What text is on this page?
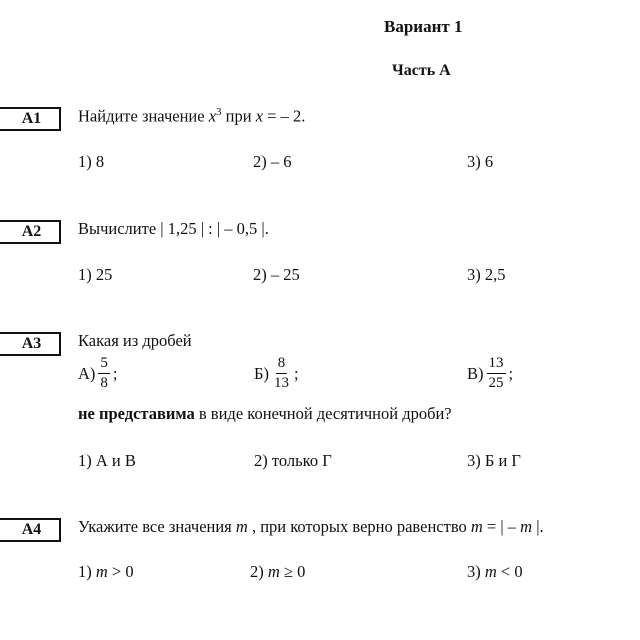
Вариант 1
Часть А
A1	Найдите значение $x^3$ при x = – 2.
1) 8	2) – 6	3) 6
A2	Вычислите | 1,25 | : | – 0,5 |.
1) 25	2) – 25	3) 2,5
A3	Какая из дробей
$А) \frac{5}{8}$ ;	$Б) \frac{8}{13}$ ;	$В) \frac{13}{25}$ ;
не представима в виде конечной десятичной дроби?
1) А и В	2) только Г	3) Б и Г
A4	Укажите все значения m , при которых верно равенство m = | – m |.
1) m > 0	2) m ≥ 0	3) m < 0
